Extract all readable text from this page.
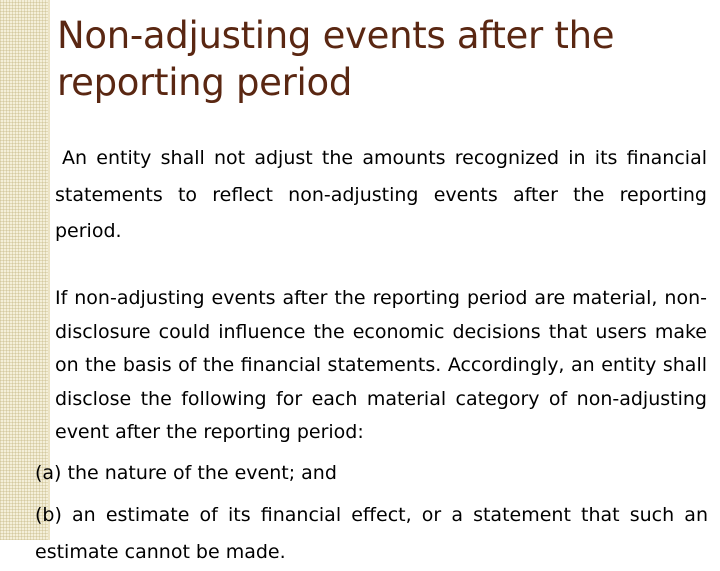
Non-adjusting events after the reporting period

An entity shall not adjust the amounts recognized in its financial statements to reflect non-adjusting events after the reporting period.

If non-adjusting events after the reporting period are material, non-disclosure could influence the economic decisions that users make on the basis of the financial statements. Accordingly, an entity shall disclose the following for each material category of non-adjusting event after the reporting period:

(a) the nature of the event; and

(b) an estimate of its financial effect, or a statement that such an estimate cannot be made.
